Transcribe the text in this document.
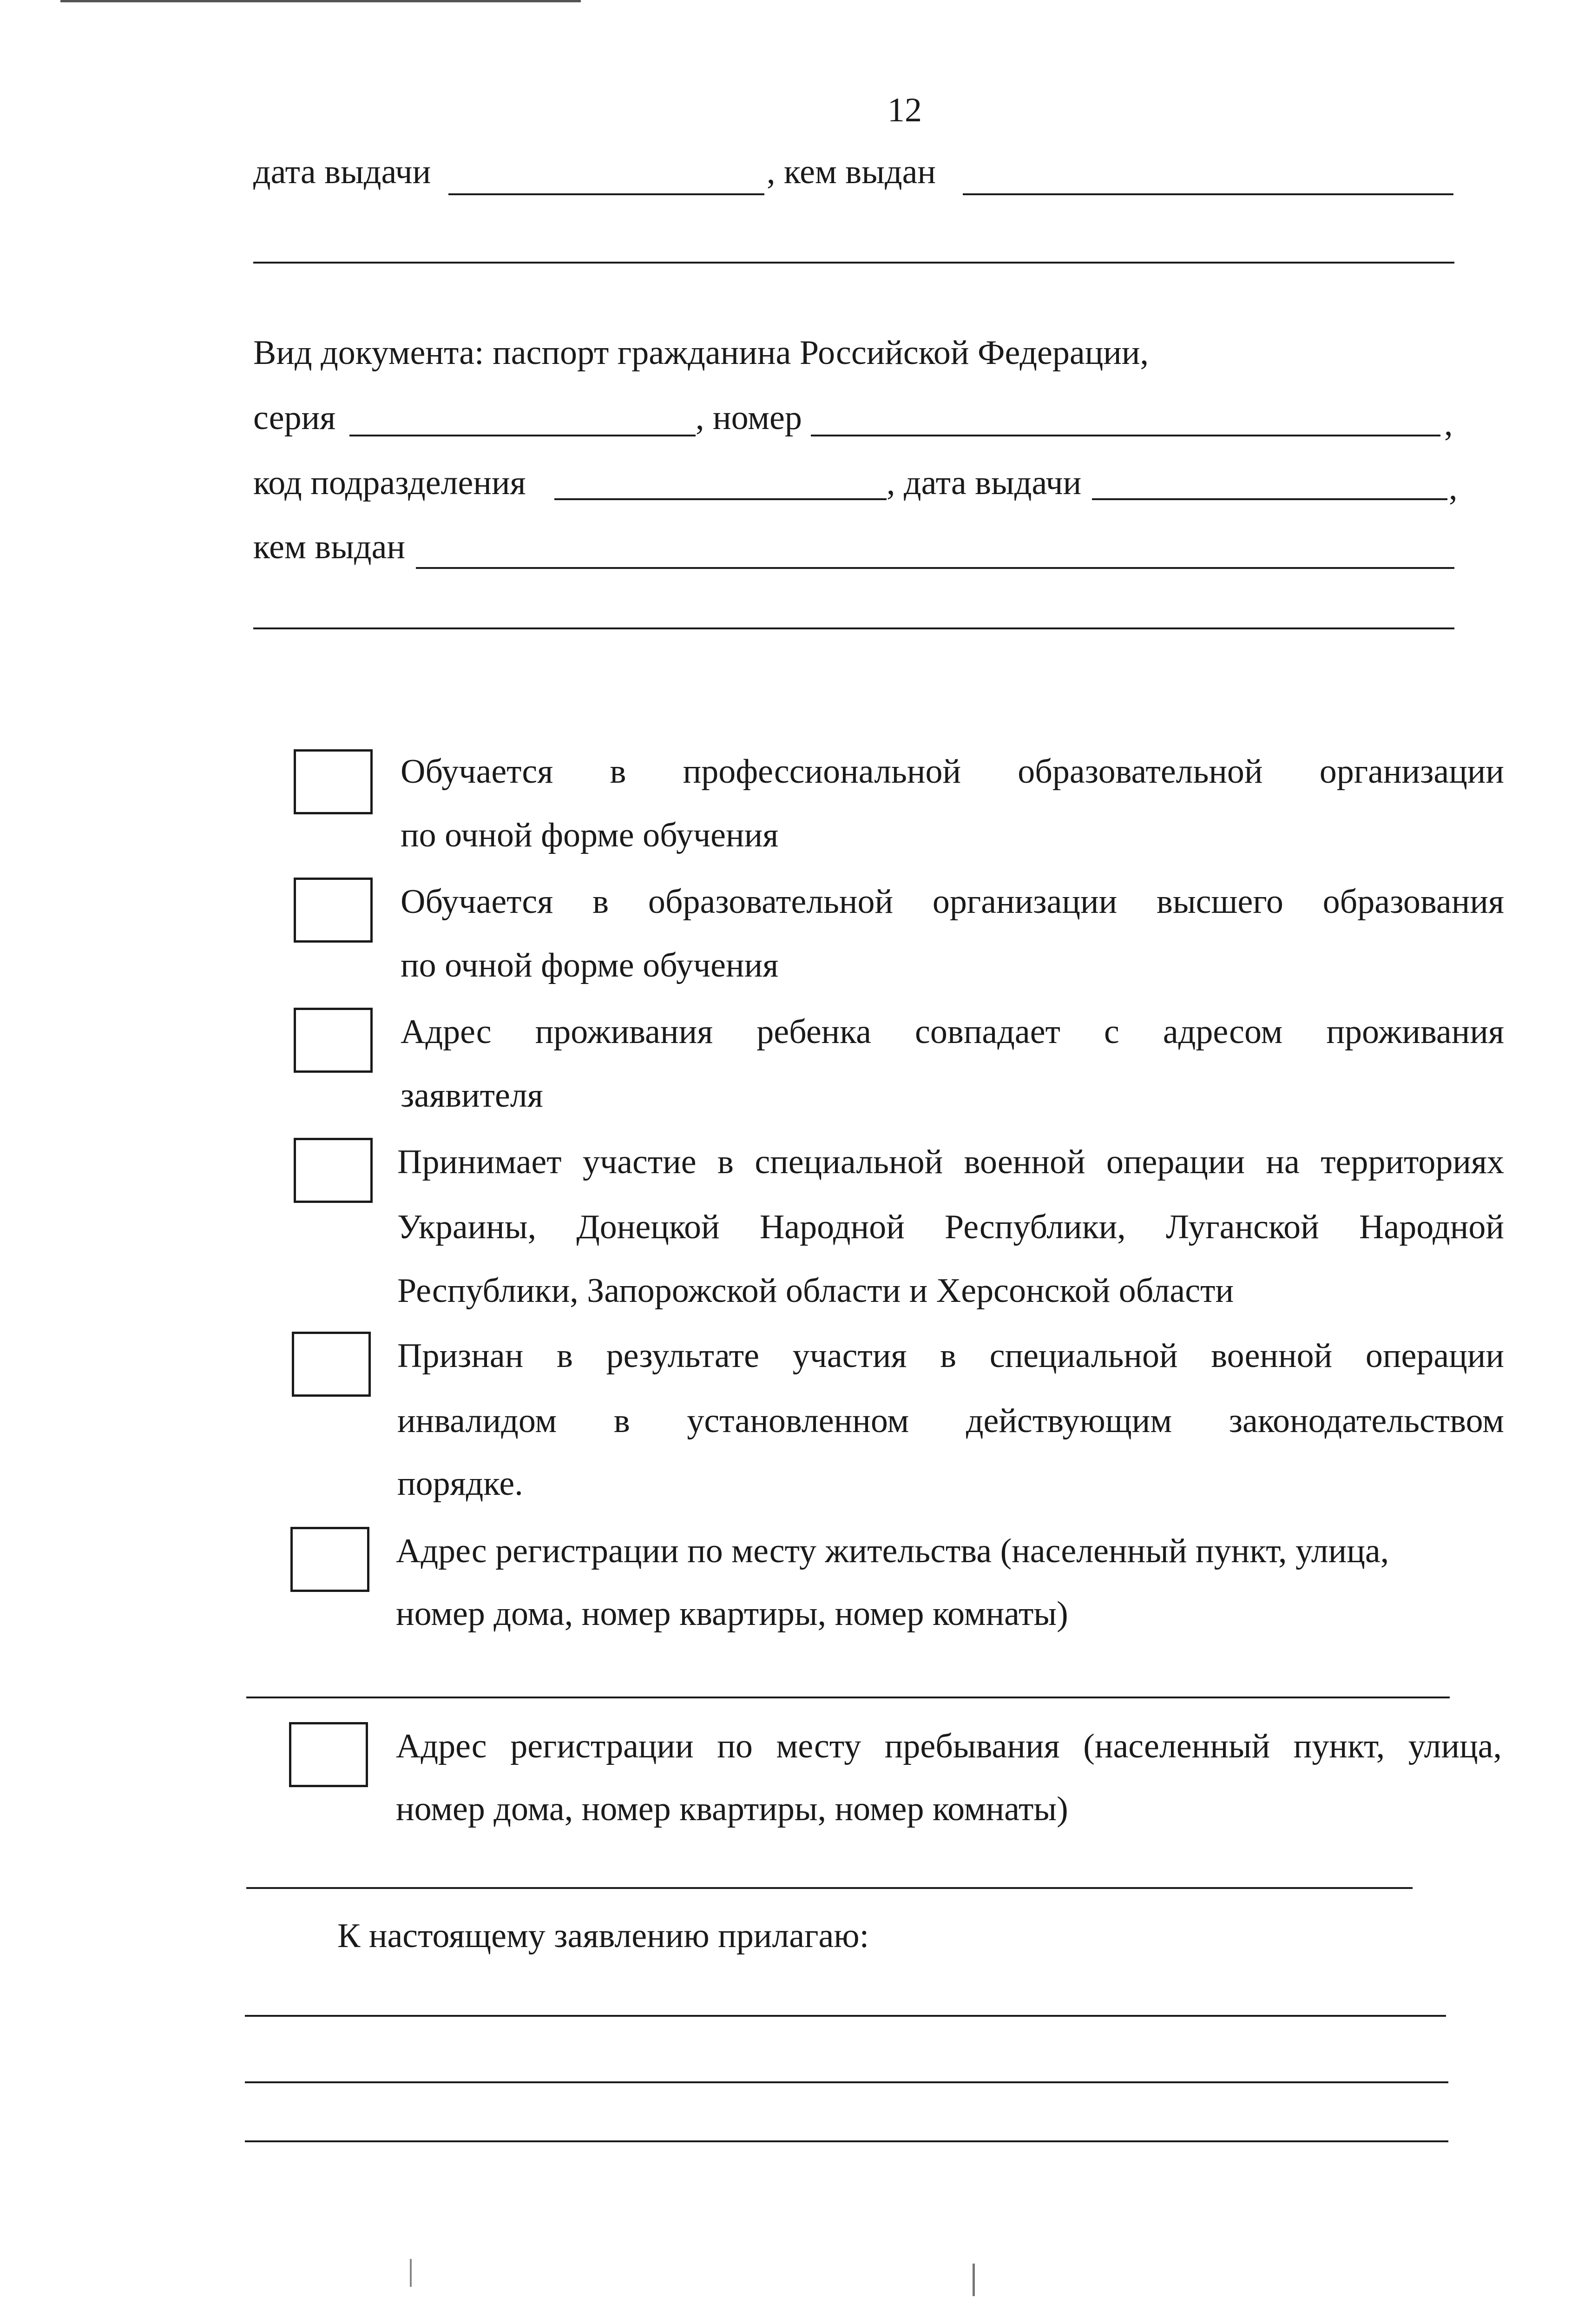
12
дата выдачи	, кем выдан
Вид документа: паспорт гражданина Российской Федерации,
серия	, номер	,
код подразделения	, дата выдачи	,
кем выдан
Обучается в профессиональной образовательной организации
по очной форме обучения
Обучается в образовательной организации высшего образования
по очной форме обучения
Адрес проживания ребенка совпадает с адресом проживания
заявителя
Принимает участие в специальной военной операции на территориях
Украины, Донецкой Народной Республики, Луганской Народной
Республики, Запорожской области и Херсонской области
Признан в результате участия в специальной военной операции
инвалидом в установленном действующим законодательством
порядке.
Адрес регистрации по месту жительства (населенный пункт, улица,
номер дома, номер квартиры, номер комнаты)
Адрес регистрации по месту пребывания (населенный пункт, улица,
номер дома, номер квартиры, номер комнаты)
К настоящему заявлению прилагаю:
